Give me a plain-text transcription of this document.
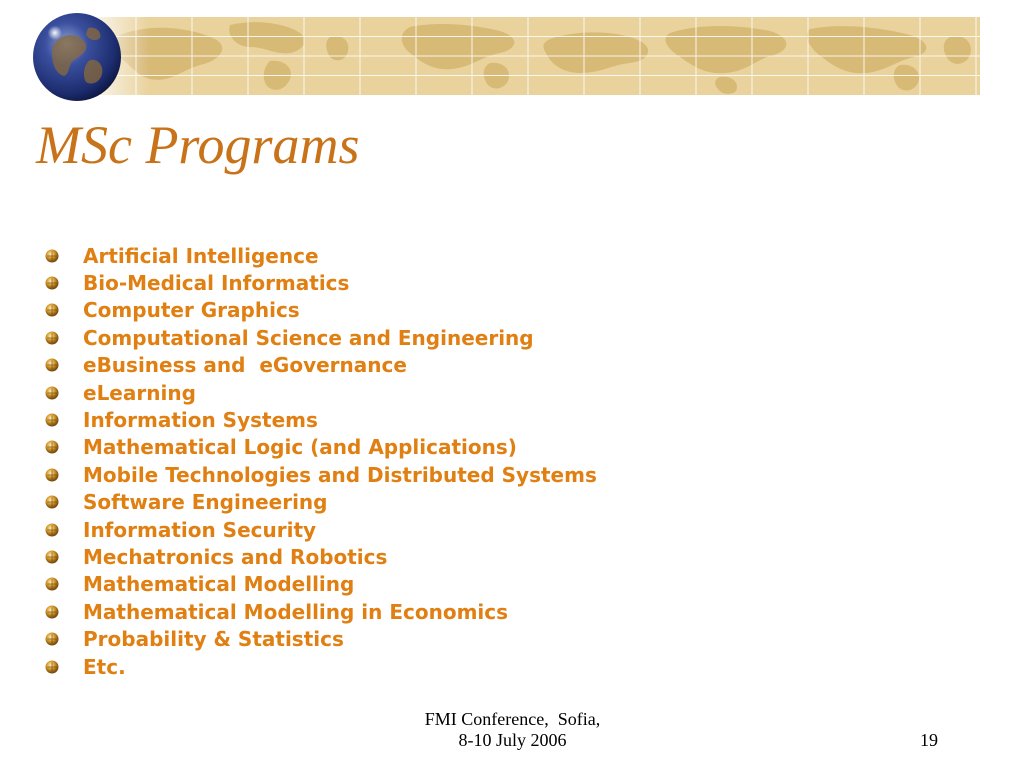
MSc Programs
Artificial Intelligence
Bio-Medical Informatics
Computer Graphics
Computational Science and Engineering
eBusiness and  eGovernance
eLearning
Information Systems
Mathematical Logic (and Applications)
Mobile Technologies and Distributed Systems
Software Engineering
Information Security
Mechatronics and Robotics
Mathematical Modelling
Mathematical Modelling in Economics
Probability & Statistics
Etc.
FMI Conference,  Sofia,
8-10 July 2006	19
